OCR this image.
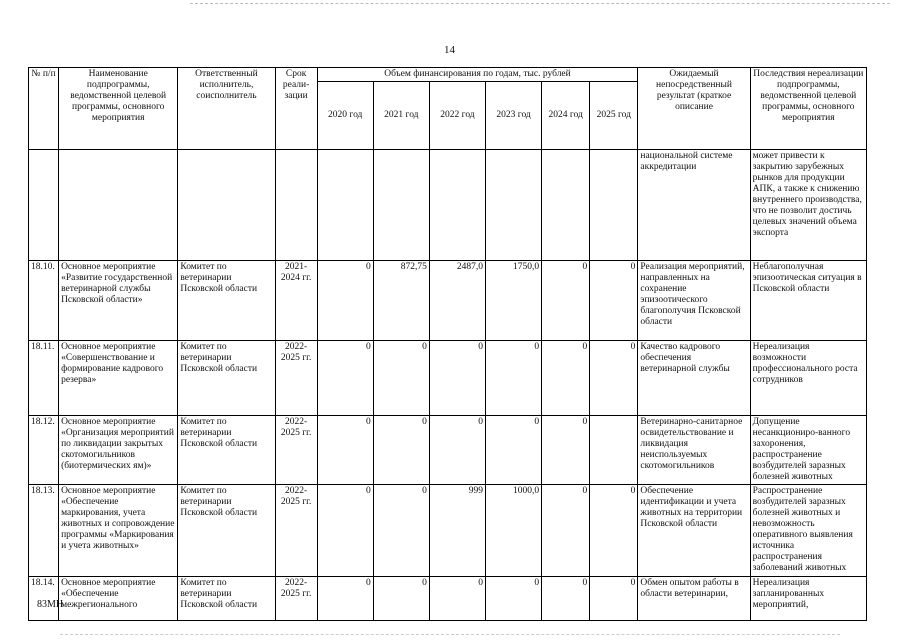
14
№ п/п	Наименование подпрограммы, ведомственной целевой программы, основного мероприятия	Ответственный исполнитель, соисполнитель	Срок реали-зации	Объем финансирования по годам, тыс. рублей						Ожидаемый непосредственный результат (краткое описание	Последствия нереализации подпрограммы, ведомственной целевой программы, основного мероприятия
				2020 год	2021 год	2022 год	2023 год	2024 год	2025 год		
										национальной системе аккредитации	может привести к закрытию зарубежных рынков для продукции АПК, а также к снижению внутреннего производства, что не позволит достичь целевых значений объема экспорта
18.10.	Основное мероприятие «Развитие государственной ветеринарной службы Псковской области»	Комитет по ветеринарии Псковской области	2021-2024 гг.	0	872,75	2487,0	1750,0	0	0	Реализация мероприятий, направленных на сохранение эпизоотического благополучия Псковской области	Неблагополучная эпизоотическая ситуация в Псковской области
18.11.	Основное мероприятие «Совершенствование и формирование кадрового резерва»	Комитет по ветеринарии Псковской области	2022-2025 гг.	0	0	0	0	0	0	Качество кадрового обеспечения ветеринарной службы	Нереализация возможности профессионального роста сотрудников
18.12.	Основное мероприятие «Организация мероприятий по ликвидации закрытых скотомогильников (биотермических ям)»	Комитет по ветеринарии Псковской области	2022-2025 гг.	0	0	0	0	0		Ветеринарно-санитарное освидетельствование и ликвидация неиспользуемых скотомогильников	Допущение несанкциониро-ванного захоронения, распространение возбудителей заразных болезней животных
18.13.	Основное мероприятие «Обеспечение маркирования, учета животных и сопровождение программы «Маркирования и учета животных»	Комитет по ветеринарии Псковской области	2022-2025 гг.	0	0	999	1000,0	0	0	Обеспечение идентификации и учета животных на территории Псковской области	Распространение возбудителей заразных болезней животных и невозможность оперативного выявления источника распространения заболеваний животных
18.14.	Основное мероприятие «Обеспечение межрегионального	Комитет по ветеринарии Псковской области	2022-2025 гг.	0	0	0	0	0	0	Обмен опытом работы в области ветеринарии,	Нереализация запланированных мероприятий,
83МН
